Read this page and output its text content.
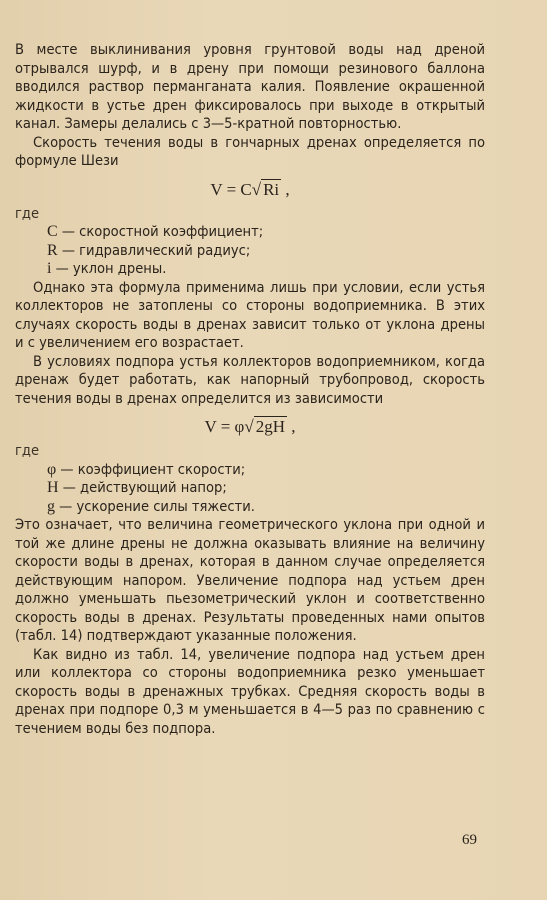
В месте выклинивания уровня грунтовой воды над дреной отрывался шурф, и в дрену при помощи резинового баллона вводился раствор перманганата калия. Появление окрашенной жидкости в устье дрен фиксировалось при выходе в открытый канал. Замеры делались с 3—5-кратной повторностью.

Скорость течения воды в гончарных дренах определяется по формуле Шези

V = C√ Ri ,

где

C — скоростной коэффициент;

R — гидравлический радиус;

i — уклон дрены.

Однако эта формула применима лишь при условии, если устья коллекторов не затоплены со стороны водоприемника. В этих случаях скорость воды в дренах зависит только от уклона дрены и с увеличением его возрастает.

В условиях подпора устья коллекторов водоприемником, когда дренаж будет работать, как напорный трубопровод, скорость течения воды в дренах определится из зависимости

V = φ√ 2gH ,

где

φ — коэффициент скорости;

H — действующий напор;

g — ускорение силы тяжести.

Это означает, что величина геометрического уклона при одной и той же длине дрены не должна оказывать влияние на величину скорости воды в дренах, которая в данном случае определяется действующим напором. Увеличение подпора над устьем дрен должно уменьшать пьезометрический уклон и соответственно скорость воды в дренах. Результаты проведенных нами опытов (табл. 14) подтверждают указанные положения.

Как видно из табл. 14, увеличение подпора над устьем дрен или коллектора со стороны водоприемника резко уменьшает скорость воды в дренажных трубках. Средняя скорость воды в дренах при подпоре 0,3 м уменьшается в 4—5 раз по сравнению с течением воды без подпора.

69
